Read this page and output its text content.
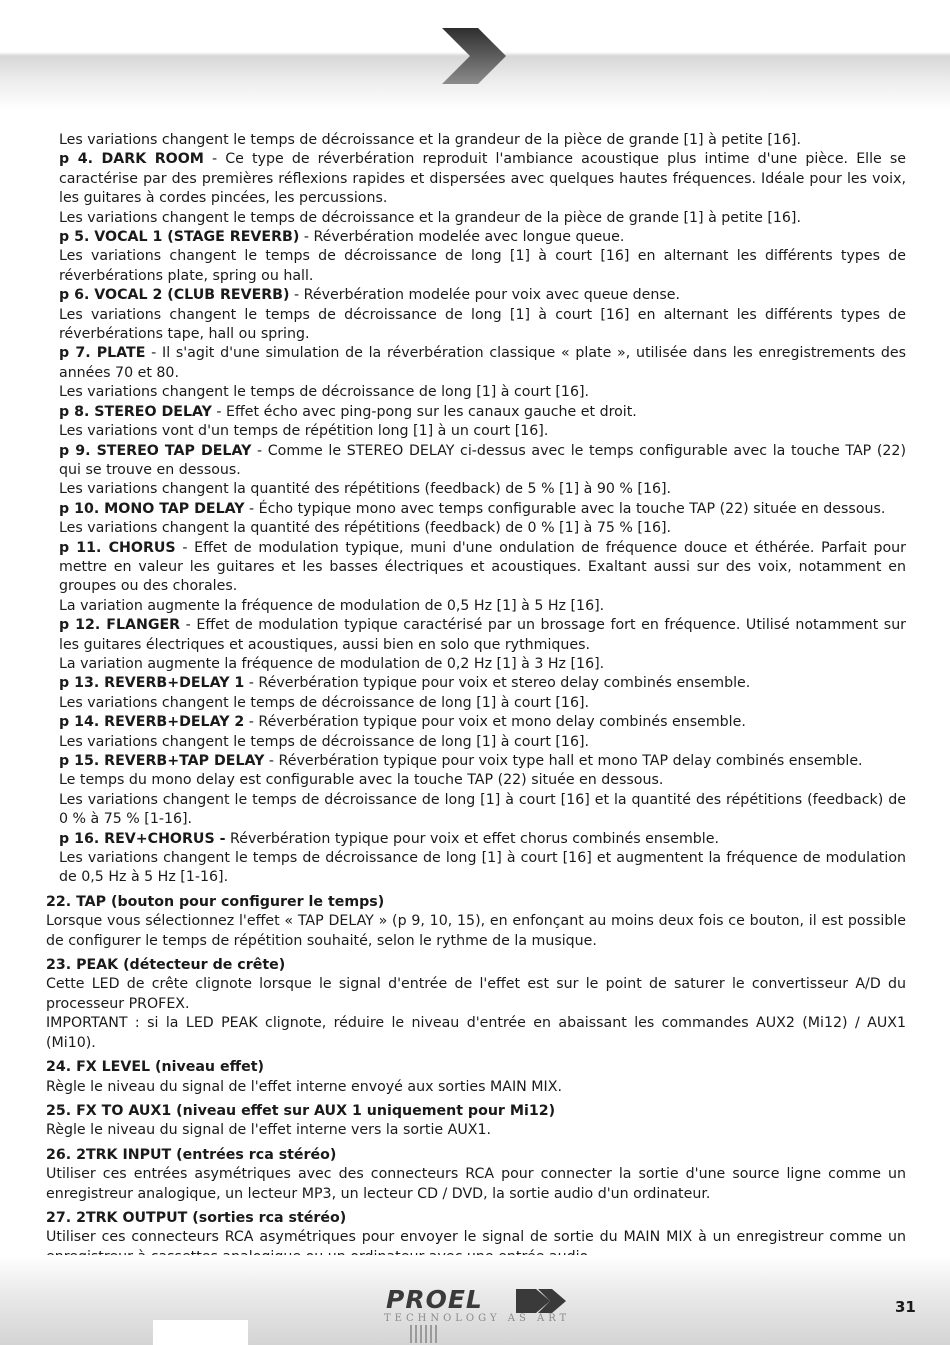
Les variations changent le temps de décroissance et la grandeur de la pièce de grande [1] à petite [16].
p 4. DARK ROOM - Ce type de réverbération reproduit l'ambiance acoustique plus intime d'une pièce. Elle se caractérise par des premières réflexions rapides et dispersées avec quelques hautes fréquences. Idéale pour les voix, les guitares à cordes pincées, les percussions.
Les variations changent le temps de décroissance et la grandeur de la pièce de grande [1] à petite [16].
p 5. VOCAL 1 (STAGE REVERB) - Réverbération modelée avec longue queue.
Les variations changent le temps de décroissance de long [1] à court [16] en alternant les différents types de réverbérations plate, spring ou hall.
p 6. VOCAL 2 (CLUB REVERB) - Réverbération modelée pour voix avec queue dense.
Les variations changent le temps de décroissance de long [1] à court [16] en alternant les différents types de réverbérations tape, hall ou spring.
p 7. PLATE - Il s'agit d'une simulation de la réverbération classique « plate », utilisée dans les enregistrements des années 70 et 80.
Les variations changent le temps de décroissance de long [1] à court [16].
p 8. STEREO DELAY - Effet écho avec ping-pong sur les canaux gauche et droit.
Les variations vont d'un temps de répétition long [1] à un court [16].
p 9. STEREO TAP DELAY - Comme le STEREO DELAY ci-dessus avec le temps configurable avec la touche TAP (22) qui se trouve en dessous.
Les variations changent la quantité des répétitions (feedback) de 5 % [1] à 90 % [16].
p 10. MONO TAP DELAY - Écho typique mono avec temps configurable avec la touche TAP (22) située en dessous.
Les variations changent la quantité des répétitions (feedback) de 0 % [1] à 75 % [16].
p 11. CHORUS - Effet de modulation typique, muni d'une ondulation de fréquence douce et éthérée. Parfait pour mettre en valeur les guitares et les basses électriques et acoustiques. Exaltant aussi sur des voix, notamment en groupes ou des chorales.
La variation augmente la fréquence de modulation de 0,5 Hz [1] à 5 Hz [16].
p 12. FLANGER - Effet de modulation typique caractérisé par un brossage fort en fréquence. Utilisé notamment sur les guitares électriques et acoustiques, aussi bien en solo que rythmiques.
La variation augmente la fréquence de modulation de 0,2 Hz [1] à 3 Hz [16].
p 13. REVERB+DELAY 1 - Réverbération typique pour voix et stereo delay combinés ensemble.
Les variations changent le temps de décroissance de long [1] à court [16].
p 14. REVERB+DELAY 2 - Réverbération typique pour voix et mono delay combinés ensemble.
Les variations changent le temps de décroissance de long [1] à court [16].
p 15. REVERB+TAP DELAY - Réverbération typique pour voix type hall et mono TAP delay combinés ensemble.
Le temps du mono delay est configurable avec la touche TAP (22) située en dessous.
Les variations changent le temps de décroissance de long [1] à court [16] et la quantité des répétitions (feedback) de 0 % à 75 % [1-16].
p 16. REV+CHORUS - Réverbération typique pour voix et effet chorus combinés ensemble.
Les variations changent le temps de décroissance de long [1] à court [16] et augmentent la fréquence de modulation de 0,5 Hz à 5 Hz [1-16].
22. TAP (bouton pour configurer le temps)
Lorsque vous sélectionnez l'effet « TAP DELAY » (p 9, 10, 15), en enfonçant au moins deux fois ce bouton, il est possible de configurer le temps de répétition souhaité, selon le rythme de la musique.
23. PEAK (détecteur de crête)
Cette LED de crête clignote lorsque le signal d'entrée de l'effet est sur le point de saturer le convertisseur A/D du processeur PROFEX.
IMPORTANT : si la LED PEAK clignote, réduire le niveau d'entrée en abaissant les commandes AUX2 (Mi12) / AUX1 (Mi10).
24. FX LEVEL (niveau effet)
Règle le niveau du signal de l'effet interne envoyé aux sorties MAIN MIX.
25. FX TO AUX1 (niveau effet sur AUX 1 uniquement pour Mi12)
Règle le niveau du signal de l'effet interne vers la sortie AUX1.
26. 2TRK INPUT (entrées rca stéréo)
Utiliser ces entrées asymétriques avec des connecteurs RCA pour connecter la sortie d'une source ligne comme un enregistreur analogique, un lecteur MP3, un lecteur CD / DVD, la sortie audio d'un ordinateur.
27. 2TRK OUTPUT (sorties rca stéréo)
Utiliser ces connecteurs RCA asymétriques pour envoyer le signal de sortie du MAIN MIX à un enregistreur comme un
PROEL
TECHNOLOGY AS ART
31
